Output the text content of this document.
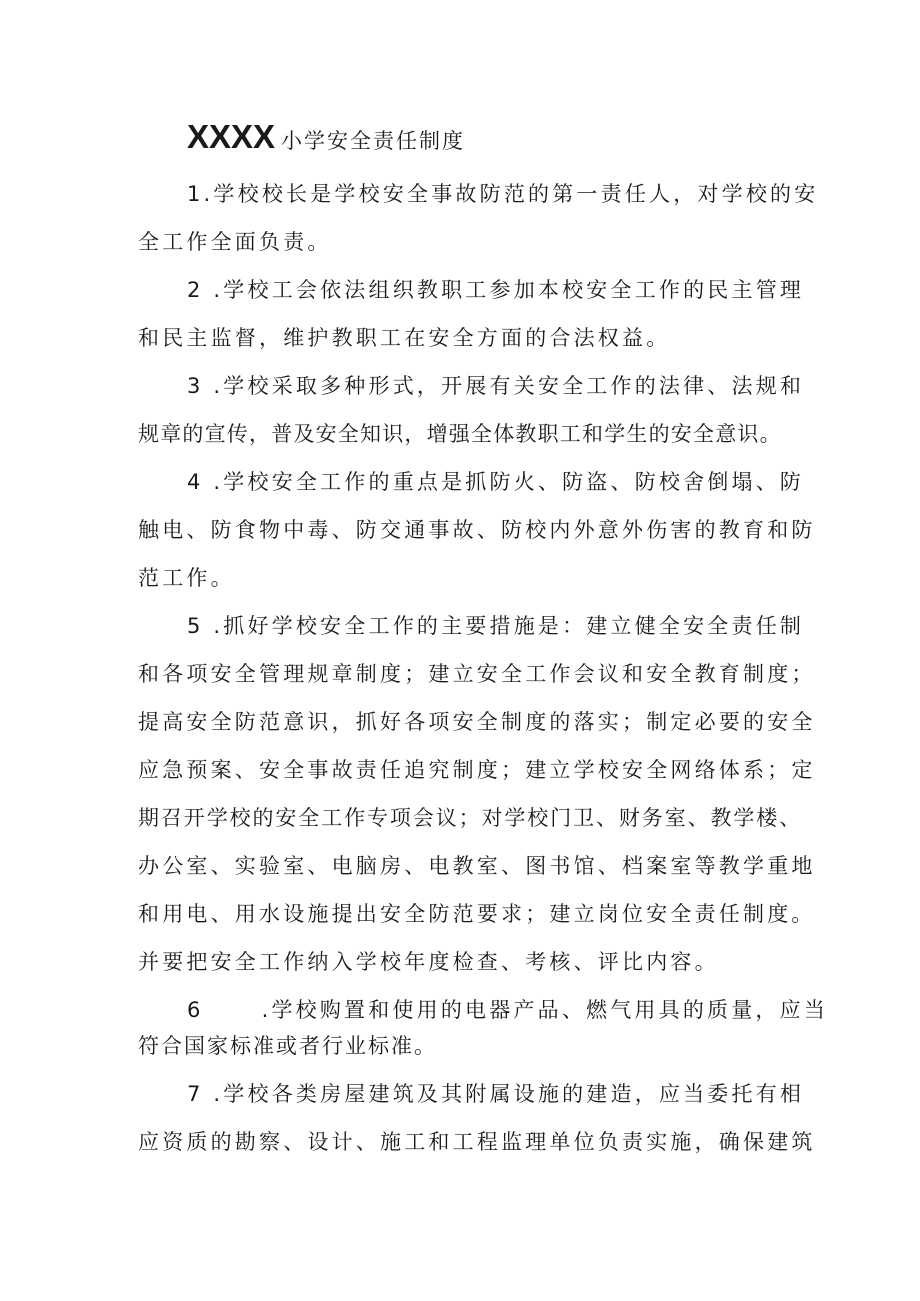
XXXX 小学安全责任制度
1.学校校长是学校安全事故防范的第一责任人，对学校的安
全工作全面负责。
2 .学校工会依法组织教职工参加本校安全工作的民主管理
和民主监督，维护教职工在安全方面的合法权益。
3 .学校采取多种形式，开展有关安全工作的法律、法规和
规章的宣传，普及安全知识，增强全体教职工和学生的安全意识。
4 .学校安全工作的重点是抓防火、防盗、防校舍倒塌、防
触电、防食物中毒、防交通事故、防校内外意外伤害的教育和防
范工作。
5 .抓好学校安全工作的主要措施是：建立健全安全责任制
和各项安全管理规章制度；建立安全工作会议和安全教育制度；
提高安全防范意识，抓好各项安全制度的落实；制定必要的安全
应急预案、安全事故责任追究制度；建立学校安全网络体系；定
期召开学校的安全工作专项会议；对学校门卫、财务室、教学楼、
办公室、实验室、电脑房、电教室、图书馆、档案室等教学重地
和用电、用水设施提出安全防范要求；建立岗位安全责任制度。
并要把安全工作纳入学校年度检查、考核、评比内容。
6	.学校购置和使用的电器产品、燃气用具的质量，应当
符合国家标准或者行业标准。
7 .学校各类房屋建筑及其附属设施的建造，应当委托有相
应资质的勘察、设计、施工和工程监理单位负责实施，确保建筑
